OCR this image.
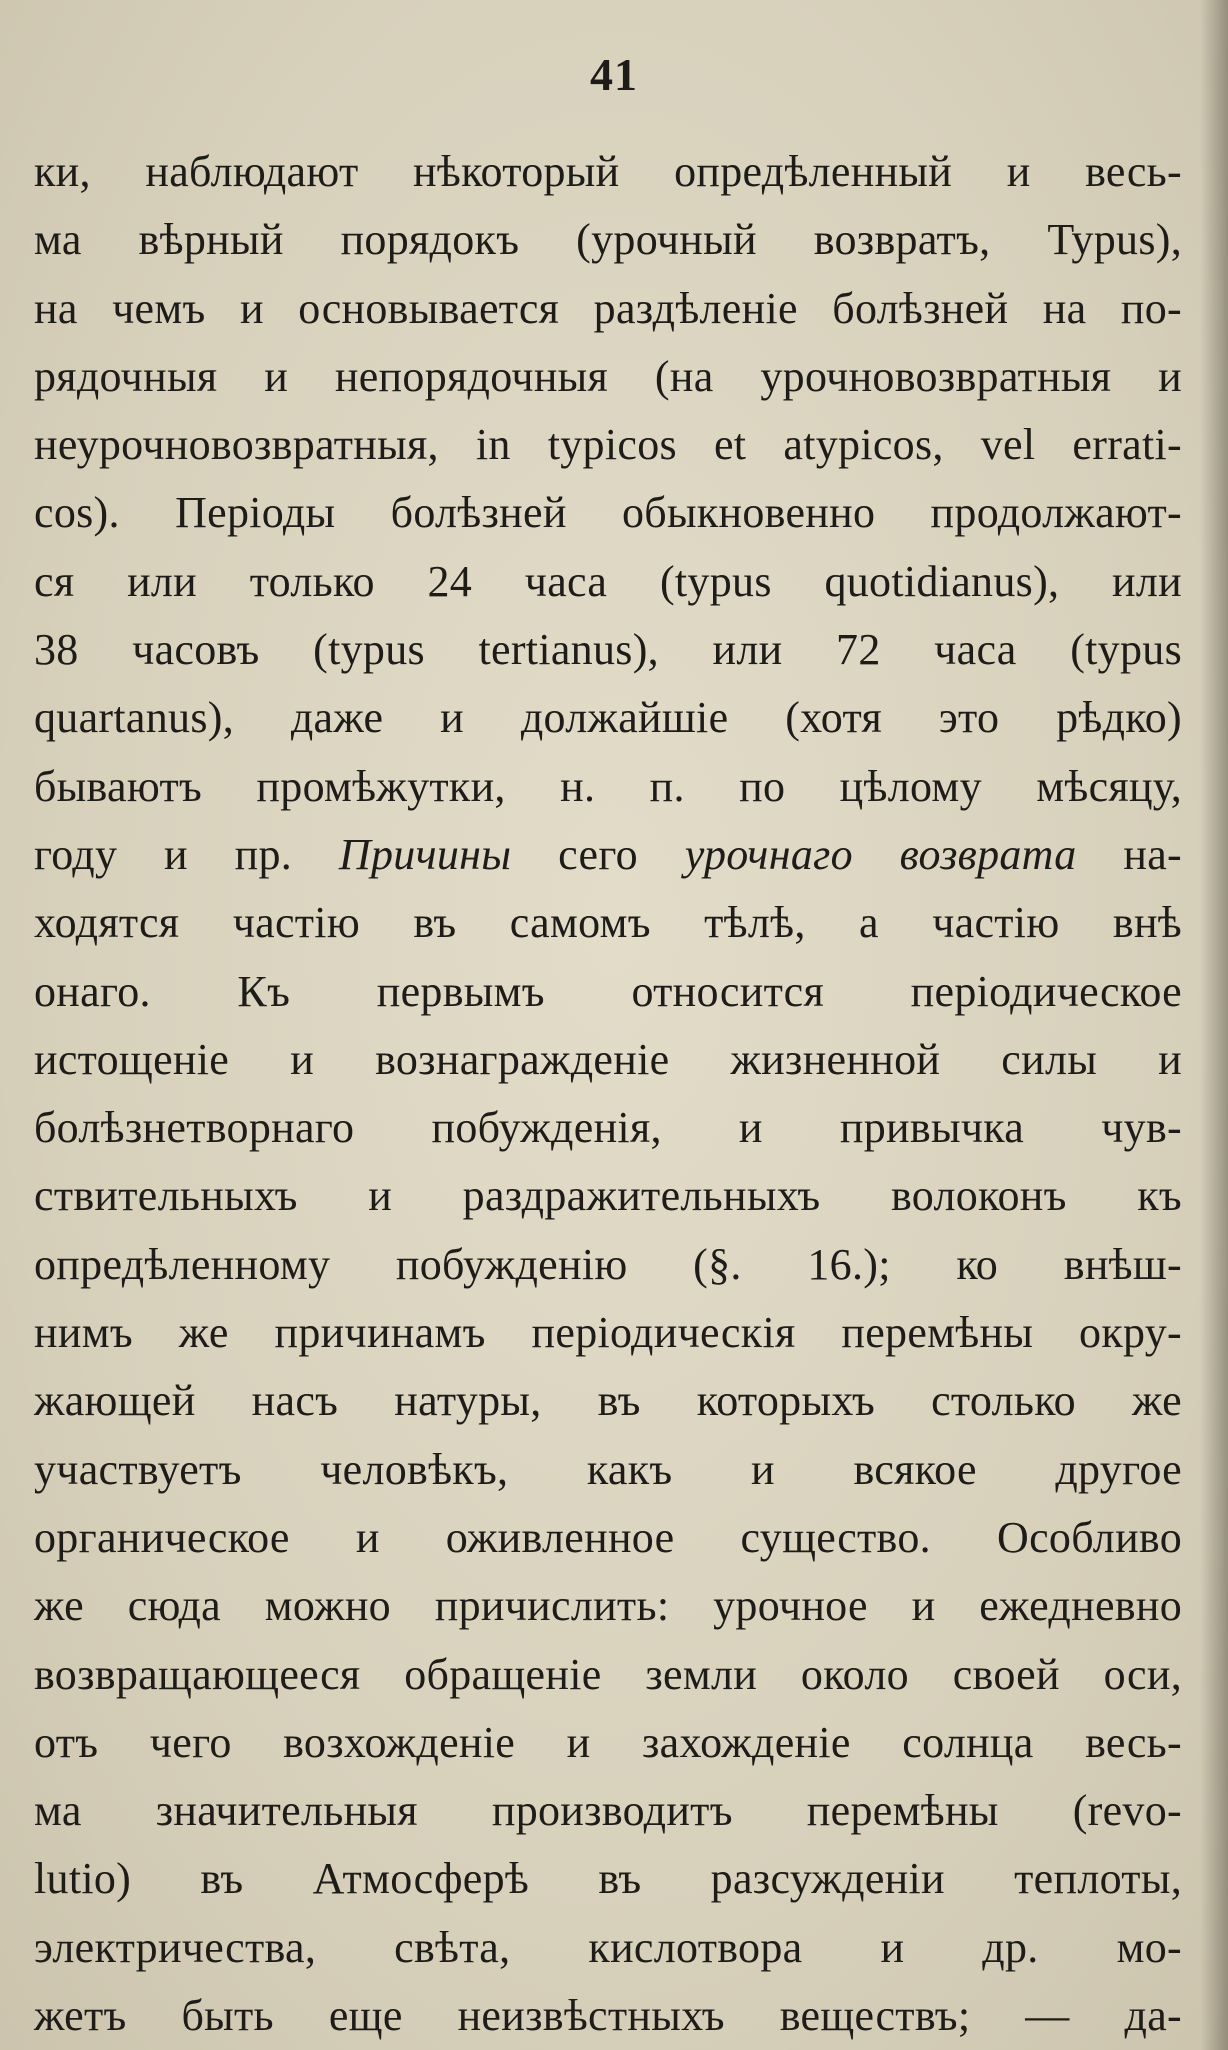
41
ки, наблюдают нѣкоторый опредѣленный и весь-
ма вѣрный порядокъ (урочный возвратъ, Typus),
на чемъ и основывается раздѣленіе болѣзней на по-
рядочныя и непорядочныя (на урочновозвратныя и
неурочновозвратныя, in typicos et atypicos, vel errati-
cos). Періоды болѣзней обыкновенно продолжают-
ся или только 24 часа (typus quotidianus), или
38 часовъ (typus tertianus), или 72 часа (typus
quartanus), даже и должайшіе (хотя это рѣдко)
бываютъ промѣжутки, н. п. по цѣлому мѣсяцу,
году и пр. Причины сего урочнаго возврата на-
ходятся частію въ самомъ тѣлѣ, а частію внѣ
онаго. Къ первымъ относится періодическое
истощеніе и вознагражденіе жизненной силы и
болѣзнетворнаго побужденія, и привычка чув-
ствительныхъ и раздражительныхъ волоконъ къ
опредѣленному побужденію (§. 16.); ко внѣш-
нимъ же причинамъ періодическія перемѣны окру-
жающей насъ натуры, въ которыхъ столько же
участвуетъ человѣкъ, какъ и всякое другое
органическое и оживленное существо. Особливо
же сюда можно причислить: урочное и ежедневно
возвращающееся обращеніе земли около своей оси,
отъ чего возхожденіе и захожденіе солнца весь-
ма значительныя производитъ перемѣны (revo-
lutio) въ Атмосферѣ въ разсужденіи теплоты,
электричества, свѣта, кислотвора и др. мо-
жетъ быть еще неизвѣстныхъ веществъ; — да-
